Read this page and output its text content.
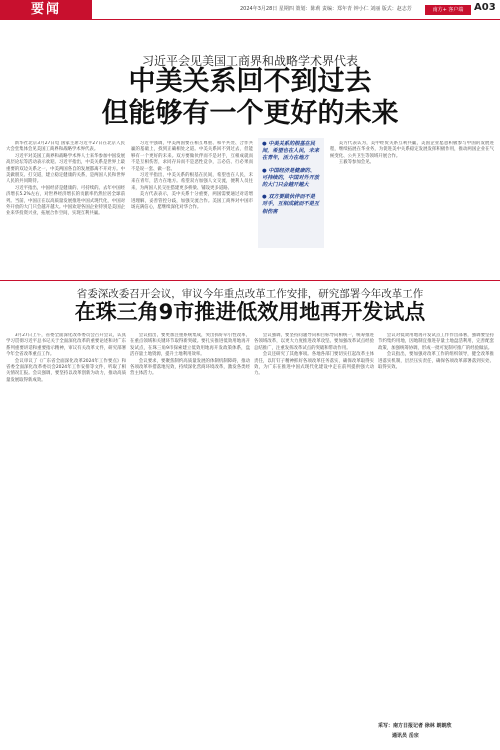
要闻	2024年3月28日 星期四 策划：陈莉 责编：郑年青 钟小仁 刘丽 版式：赵志芳	南方+ 客户端	A03
习近平会见美国工商界和战略学术界代表
中美关系回不到过去
但能够有一个更好的未来

新华社北京3月27日电 国家主席习近平27日在北京人民大会堂集体会见美国工商界和战略学术界代表。

习近平对美国工商界和战略学术界人士来华参加中国发展高层论坛等活动表示欢迎。习近平指出，中美关系是世界上最重要的双边关系之一，中美两国各自的发展都离不开对方。中美做朋友、打交道，建立稳定健康的关系，是两国人民和世界人民的共同期待。

习近平指出，中国经济是健康的、可持续的。去年中国经济增长5.2%左右，对世界经济增长的贡献率仍然位居全球前列。当前，中国正在以高质量发展推进中国式现代化，中国对外开放的大门只会越开越大。中国欢迎各国企业特别是美国企业来华投资兴业，拓展合作空间，实现互利共赢。

习近平强调，中美两国要在相互尊重、和平共处、合作共赢的基础上，找到正确相处之道。中美关系回不到过去，但能够有一个更好的未来。双方要做伙伴而不是对手，互相成就而不是互相伤害，求同存异而不是恶性竞争，言必信、行必果而不是说一套、做一套。

习近平指出，中美关系的根基在民间，希望也在人民，未来在青年，活力在地方。希望双方加强人文交流，便利人员往来，为两国人民交往搭建更多桥梁、铺设更多道路。

美方代表表示，美中关系十分重要，两国需要通过对话增进理解，妥善管控分歧，加强交流合作。美国工商界对中国市场充满信心，愿继续深化对华合作。

● 中美关系的根基在民间，希望也在人民，未来在青年，活力在地方

● 中国经济是健康的、可持续的，中国对外开放的大门只会越开越大

● 双方要做伙伴而不是对手，互相成就而不是互相伤害

美方代表认为，美中经贸关系互利共赢，美国企业愿意积极参与中国的发展进程，继续拓展在华业务，为促进美中关系稳定发展发挥积极作用，推动两国企业在气候变化、公共卫生等领域开展合作。

王毅等参加会见。

省委深改委召开会议，审议今年重点改革工作安排，研究部署今年改革工作
在珠三角9市推进低效用地再开发试点

3月27日上午，省委全面深化改革委员会召开会议，认真学习贯彻习近平总书记关于全面深化改革的重要论述和对广东系列重要讲话和重要指示精神，审议有关改革文件，研究部署今年全省改革重点工作。

会议审议了《广东省全面深化改革2024年工作要点》和省委全面深化改革委员会2024年工作安排等文件，听取了相关情况汇报。会议强调，要坚持以改革创新为动力，推动高质量发展取得新成效。

会议指出，要更加注重系统集成，突出抓好牵引性改革，在重点领域和关键环节取得新突破。要扎实推进低效用地再开发试点，在珠三角9市探索建立低效用地再开发政策体系，盘活存量土地资源，提升土地利用效率。

会议要求，要聚焦制约高质量发展的体制机制障碍，推动各项改革举措落地见效，持续深化营商环境改革，激发各类经营主体活力。

会议强调，要坚持问题导向和目标导向相统一，统筹推进各领域改革，以更大力度推进改革攻坚。要加强改革试点经验总结推广，注重发挥改革试点的突破和带动作用。

会议还研究了其他事项。各地各部门要切实扛起改革主体责任，以钉钉子精神抓好各项改革任务落实，确保改革取得实效，为广东在推进中国式现代化建设中走在前列提供强大动力。

会议对低效用地再开发试点工作作出部署，强调要坚持节约集约用地，因地制宜推进存量土地盘活利用，完善配套政策，加强统筹协调，形成一批可复制可推广的经验做法。

会议指出，要加强对改革工作的组织领导，健全改革推进落实机制，层层压实责任，确保各项改革部署落到实处、取得实效。

采写：南方日报记者 徐林 朗朗欣
通讯员 岳宗
